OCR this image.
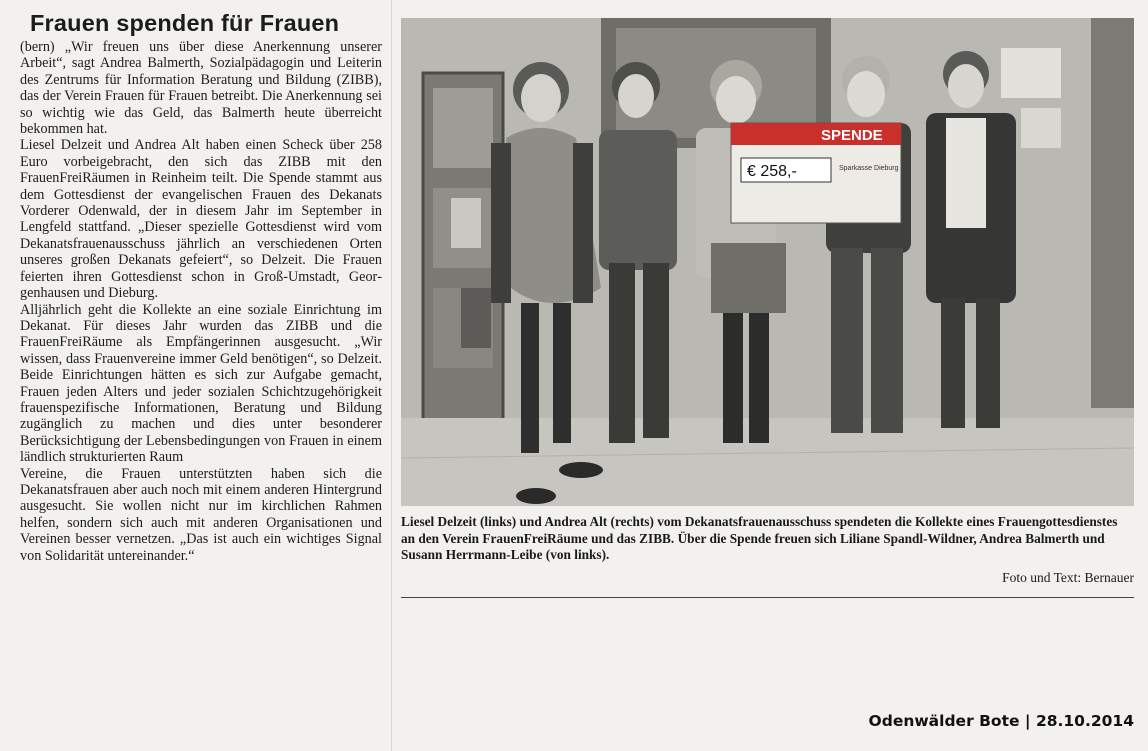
Frauen spenden für Frauen

(bern) „Wir freuen uns über diese Anerkennung unserer Arbeit“, sagt Andrea Balmerth, Sozialpädagogin und Leiterin des Zentrums für Information Beratung und Bildung (ZIBB), das der Verein Frauen für Frauen betreibt. Die Anerkennung sei so wichtig wie das Geld, das Balmerth heute überreicht bekommen hat.

Liesel Delzeit und Andrea Alt haben einen Scheck über 258 Euro vorbeigebracht, den sich das ZIBB mit den FrauenFreiRäumen in Reinheim teilt. Die Spende stammt aus dem Gottesdienst der evangelischen Frauen des Dekanats Vorderer Odenwald, der in diesem Jahr im September in Lengfeld stattfand. „Dieser spezielle Gottesdienst wird vom Dekanatsfrauenausschuss jährlich an verschiedenen Orten unseres großen Dekanats gefeiert“, so Delzeit. Die Frauen feierten ihren Gottesdienst schon in Groß-Umstadt, Georgenhausen und Dieburg.

Alljährlich geht die Kollekte an eine soziale Einrichtung im Dekanat. Für dieses Jahr wurden das ZIBB und die FrauenFreiRäume als Empfängerinnen ausgesucht. „Wir wissen, dass Frauenvereine immer Geld benötigen“, so Delzeit. Beide Einrichtungen hätten es sich zur Aufgabe gemacht, Frauen jeden Alters und jeder sozialen Schichtzugehörigkeit frauenspezifische Informationen, Beratung und Bildung zugänglich zu machen und dies unter besonderer Berücksichtigung der Lebensbedingungen von Frauen in einem ländlich strukturierten Raum

Vereine, die Frauen unterstützten haben sich die Dekanatsfrauen aber auch noch mit einem anderen Hintergrund ausgesucht. Sie wollen nicht nur im kirchlichen Rahmen helfen, sondern sich auch mit anderen Organisationen und Vereinen besser vernetzen. „Das ist auch ein wichtiges Signal von Solidarität untereinander.“

SPENDE
€ 258,-	Sparkasse Dieburg
Liesel Delzeit (links) und Andrea Alt (rechts) vom Dekanatsfrauenausschuss spendeten die Kollekte eines Frauengottesdienstes an den Verein FrauenFreiRäume und das ZIBB. Über die Spende freuen sich Liliane Spandl-Wildner, Andrea Balmerth und Susann Herrmann-Leibe (von links).
Foto und Text: Bernauer
Odenwälder Bote | 28.10.2014
